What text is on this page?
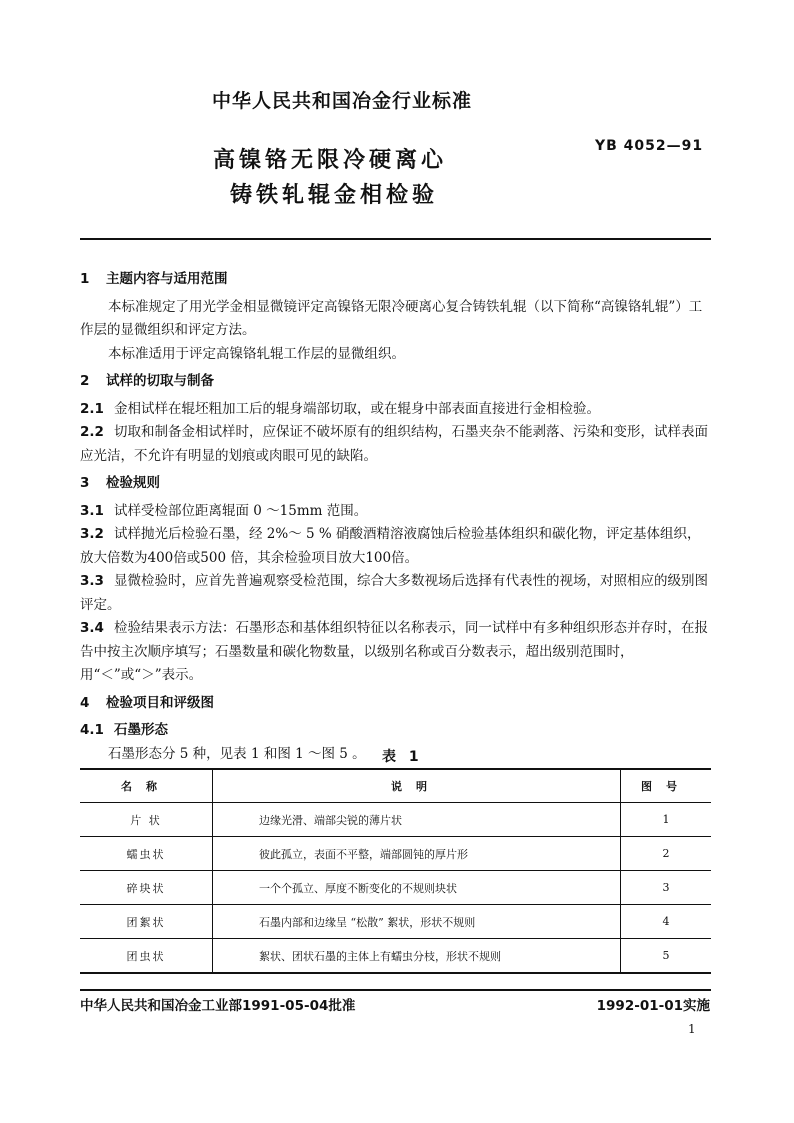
中华人民共和国冶金行业标准
YB 4052—91
高镍铬无限冷硬离心
铸铁轧辊金相检验
1 主题内容与适用范围

本标准规定了用光学金相显微镜评定高镍铬无限冷硬离心复合铸铁轧辊（以下简称“高镍铬轧辊”）工作层的显微组织和评定方法。

本标准适用于评定高镍铬轧辊工作层的显微组织。

2 试样的切取与制备

2.1 金相试样在辊坯粗加工后的辊身端部切取，或在辊身中部表面直接进行金相检验。

2.2 切取和制备金相试样时，应保证不破坏原有的组织结构，石墨夹杂不能剥落、污染和变形，试样表面应光洁，不允许有明显的划痕或肉眼可见的缺陷。

3 检验规则

3.1 试样受检部位距离辊面 0 ～15mm 范围。

3.2 试样抛光后检验石墨，经 2%～ 5 % 硝酸酒精溶液腐蚀后检验基体组织和碳化物，评定基体组织，放大倍数为400倍或500 倍，其余检验项目放大100倍。

3.3 显微检验时，应首先普遍观察受检范围，综合大多数视场后选择有代表性的视场，对照相应的级别图评定。

3.4 检验结果表示方法：石墨形态和基体组织特征以名称表示，同一试样中有多种组织形态并存时，在报告中按主次顺序填写；石墨数量和碳化物数量，以级别名称或百分数表示，超出级别范围时，用“＜”或“＞”表示。

4 检验项目和评级图

4.1 石墨形态

石墨形态分 5 种，见表 1 和图 1 ～图 5 。	表 1
名称	说明	图号
片 状	边缘光滑、端部尖锐的薄片状	1
蠕虫状	彼此孤立，表面不平整，端部圆钝的厚片形	2
碎块状	一个个孤立、厚度不断变化的不规则块状	3
团絮状	石墨内部和边缘呈 “松散” 絮状，形状不规则	4
团虫状	絮状、团状石墨的主体上有蠕虫分枝，形状不规则	5
中华人民共和国冶金工业部1991-05-04批准	1992-01-01实施
1
